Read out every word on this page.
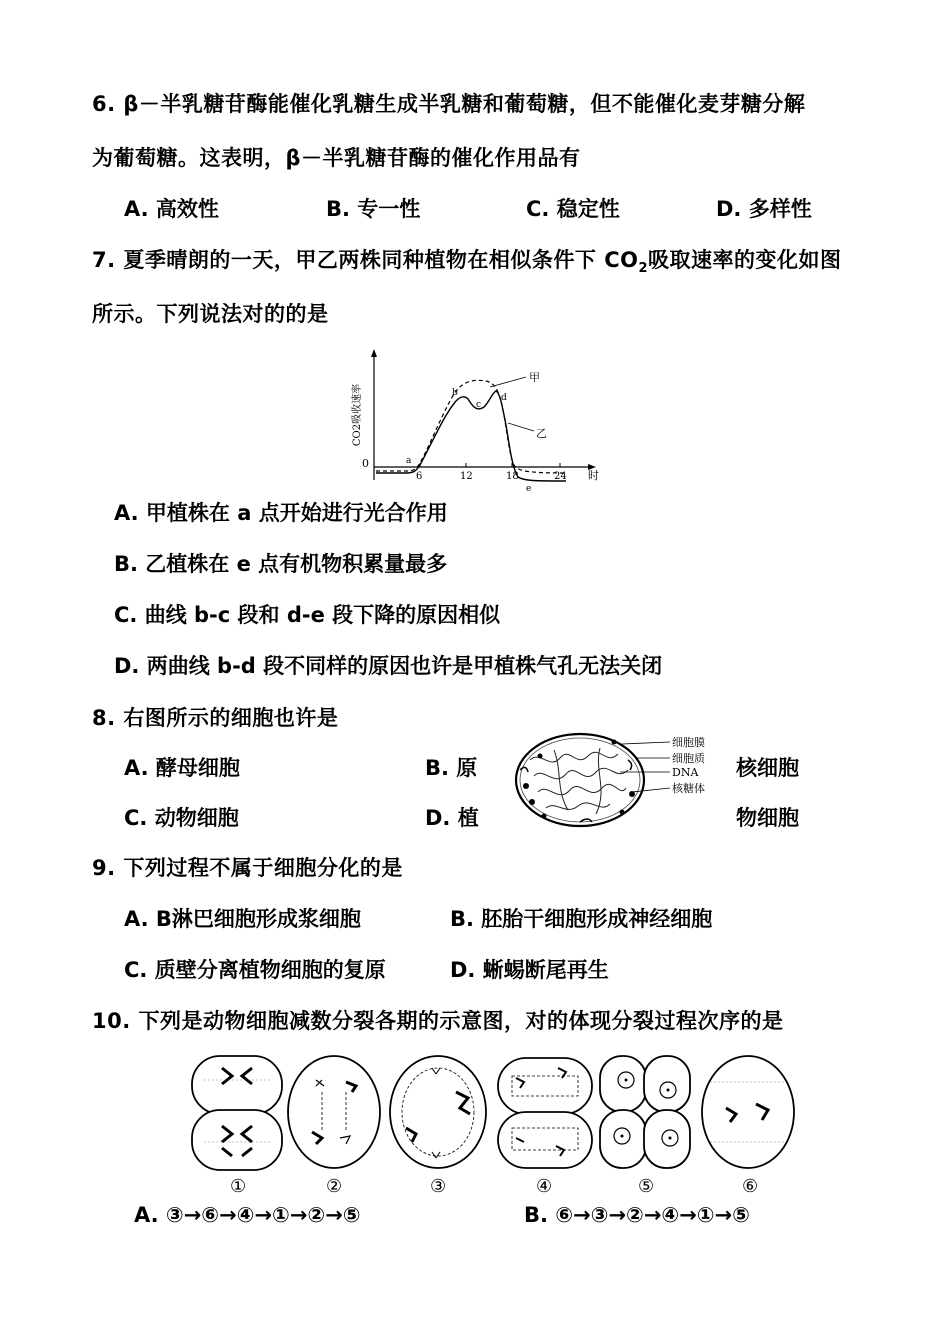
6. β－半乳糖苷酶能催化乳糖生成半乳糖和葡萄糖，但不能催化麦芽糖分解
为葡萄糖。这表明，β－半乳糖苷酶的催化作用品有
A. 高效性	B. 专一性	C. 稳定性	D. 多样性
7. 夏季晴朗的一天，甲乙两株同种植物在相似条件下 $CO_2$吸取速率的变化如图
所示。下列说法对的的是
CO2吸收速率
0
时
6	12	18	24
a
b
c
d
e
甲
乙
A. 甲植株在 a 点开始进行光合作用
B. 乙植株在 e 点有机物积累量最多
C. 曲线 b-c 段和 d-e 段下降的原因相似
D. 两曲线 b-d 段不同样的原因也许是甲植株气孔无法关闭
8. 右图所示的细胞也许是
A. 酵母细胞	B. 原	核细胞
C. 动物细胞	D. 植	物细胞
细胞膜
细胞质
DNA
核糖体
9. 下列过程不属于细胞分化的是
A. B淋巴细胞形成浆细胞	B. 胚胎干细胞形成神经细胞
C. 质壁分离植物细胞的复原	D. 蜥蜴断尾再生
10. 下列是动物细胞减数分裂各期的示意图，对的体现分裂过程次序的是
①	②	③	④	⑤	⑥
A. ③→⑥→④→①→②→⑤	B. ⑥→③→②→④→①→⑤
